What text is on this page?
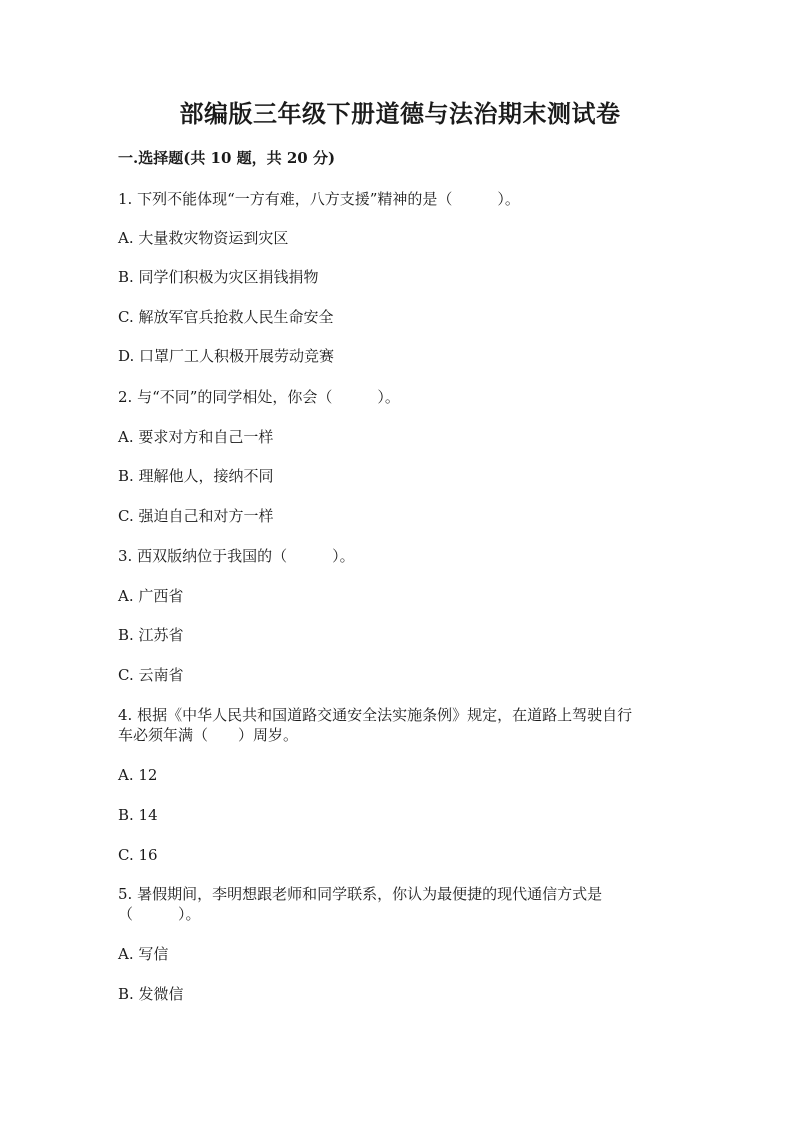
部编版三年级下册道德与法治期末测试卷
一.选择题(共 10 题，共 20 分)

1. 下列不能体现“一方有难，八方支援”精神的是（　　　）。

A. 大量救灾物资运到灾区

B. 同学们积极为灾区捐钱捐物

C. 解放军官兵抢救人民生命安全

D. 口罩厂工人积极开展劳动竞赛

2. 与“不同”的同学相处，你会（　　　）。

A. 要求对方和自己一样

B. 理解他人，接纳不同

C. 强迫自己和对方一样

3. 西双版纳位于我国的（　　　）。

A. 广西省

B. 江苏省

C. 云南省

4. 根据《中华人民共和国道路交通安全法实施条例》规定，在道路上驾驶自行

车必须年满（　　）周岁。

A. 12

B. 14

C. 16

5. 暑假期间，李明想跟老师和同学联系，你认为最便捷的现代通信方式是

（　　　）。

A. 写信

B. 发微信
